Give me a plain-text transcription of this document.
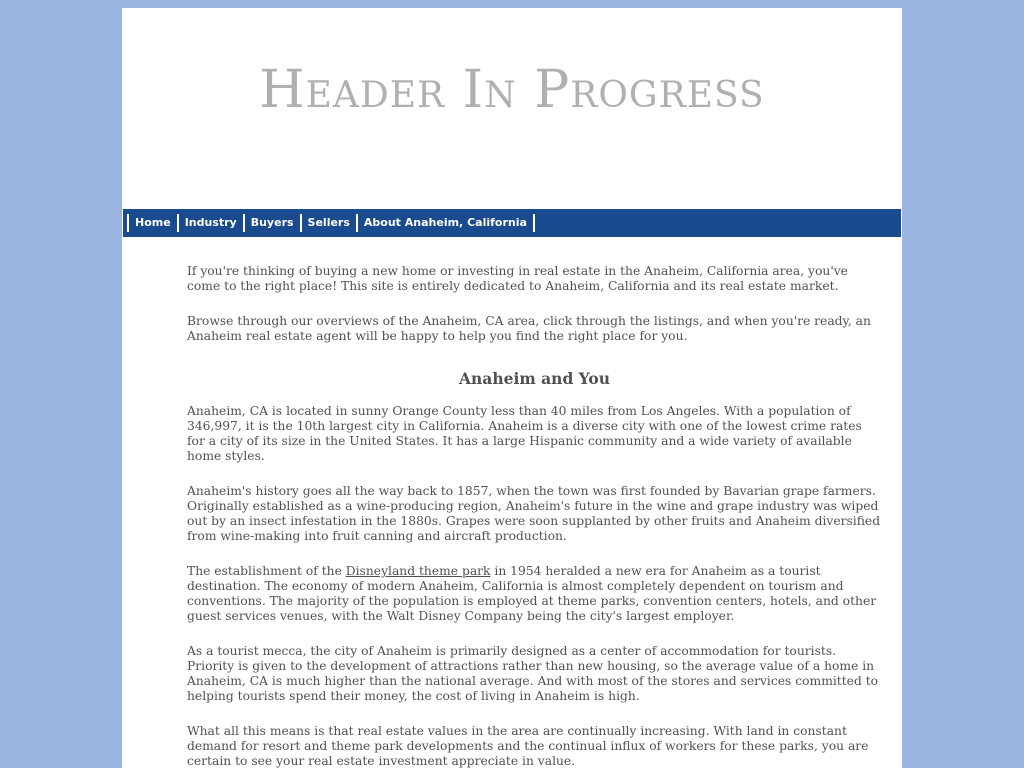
Header In Progress
Home	Industry	Buyers	Sellers	About Anaheim, California

If you're thinking of buying a new home or investing in real estate in the Anaheim, California area, you've come to the right place! This site is entirely dedicated to Anaheim, California and its real estate market.

Browse through our overviews of the Anaheim, CA area, click through the listings, and when you're ready, an Anaheim real estate agent will be happy to help you find the right place for you.

Anaheim and You

Anaheim, CA is located in sunny Orange County less than 40 miles from Los Angeles. With a population of 346,997, it is the 10th largest city in California. Anaheim is a diverse city with one of the lowest crime rates for a city of its size in the United States. It has a large Hispanic community and a wide variety of available home styles.

Anaheim's history goes all the way back to 1857, when the town was first founded by Bavarian grape farmers. Originally established as a wine-producing region, Anaheim's future in the wine and grape industry was wiped out by an insect infestation in the 1880s. Grapes were soon supplanted by other fruits and Anaheim diversified from wine-making into fruit canning and aircraft production.

The establishment of the Disneyland theme park in 1954 heralded a new era for Anaheim as a tourist destination. The economy of modern Anaheim, California is almost completely dependent on tourism and conventions. The majority of the population is employed at theme parks, convention centers, hotels, and other guest services venues, with the Walt Disney Company being the city's largest employer.

As a tourist mecca, the city of Anaheim is primarily designed as a center of accommodation for tourists. Priority is given to the development of attractions rather than new housing, so the average value of a home in Anaheim, CA is much higher than the national average. And with most of the stores and services committed to helping tourists spend their money, the cost of living in Anaheim is high.

What all this means is that real estate values in the area are continually increasing. With land in constant demand for resort and theme park developments and the continual influx of workers for these parks, you are certain to see your real estate investment appreciate in value.
